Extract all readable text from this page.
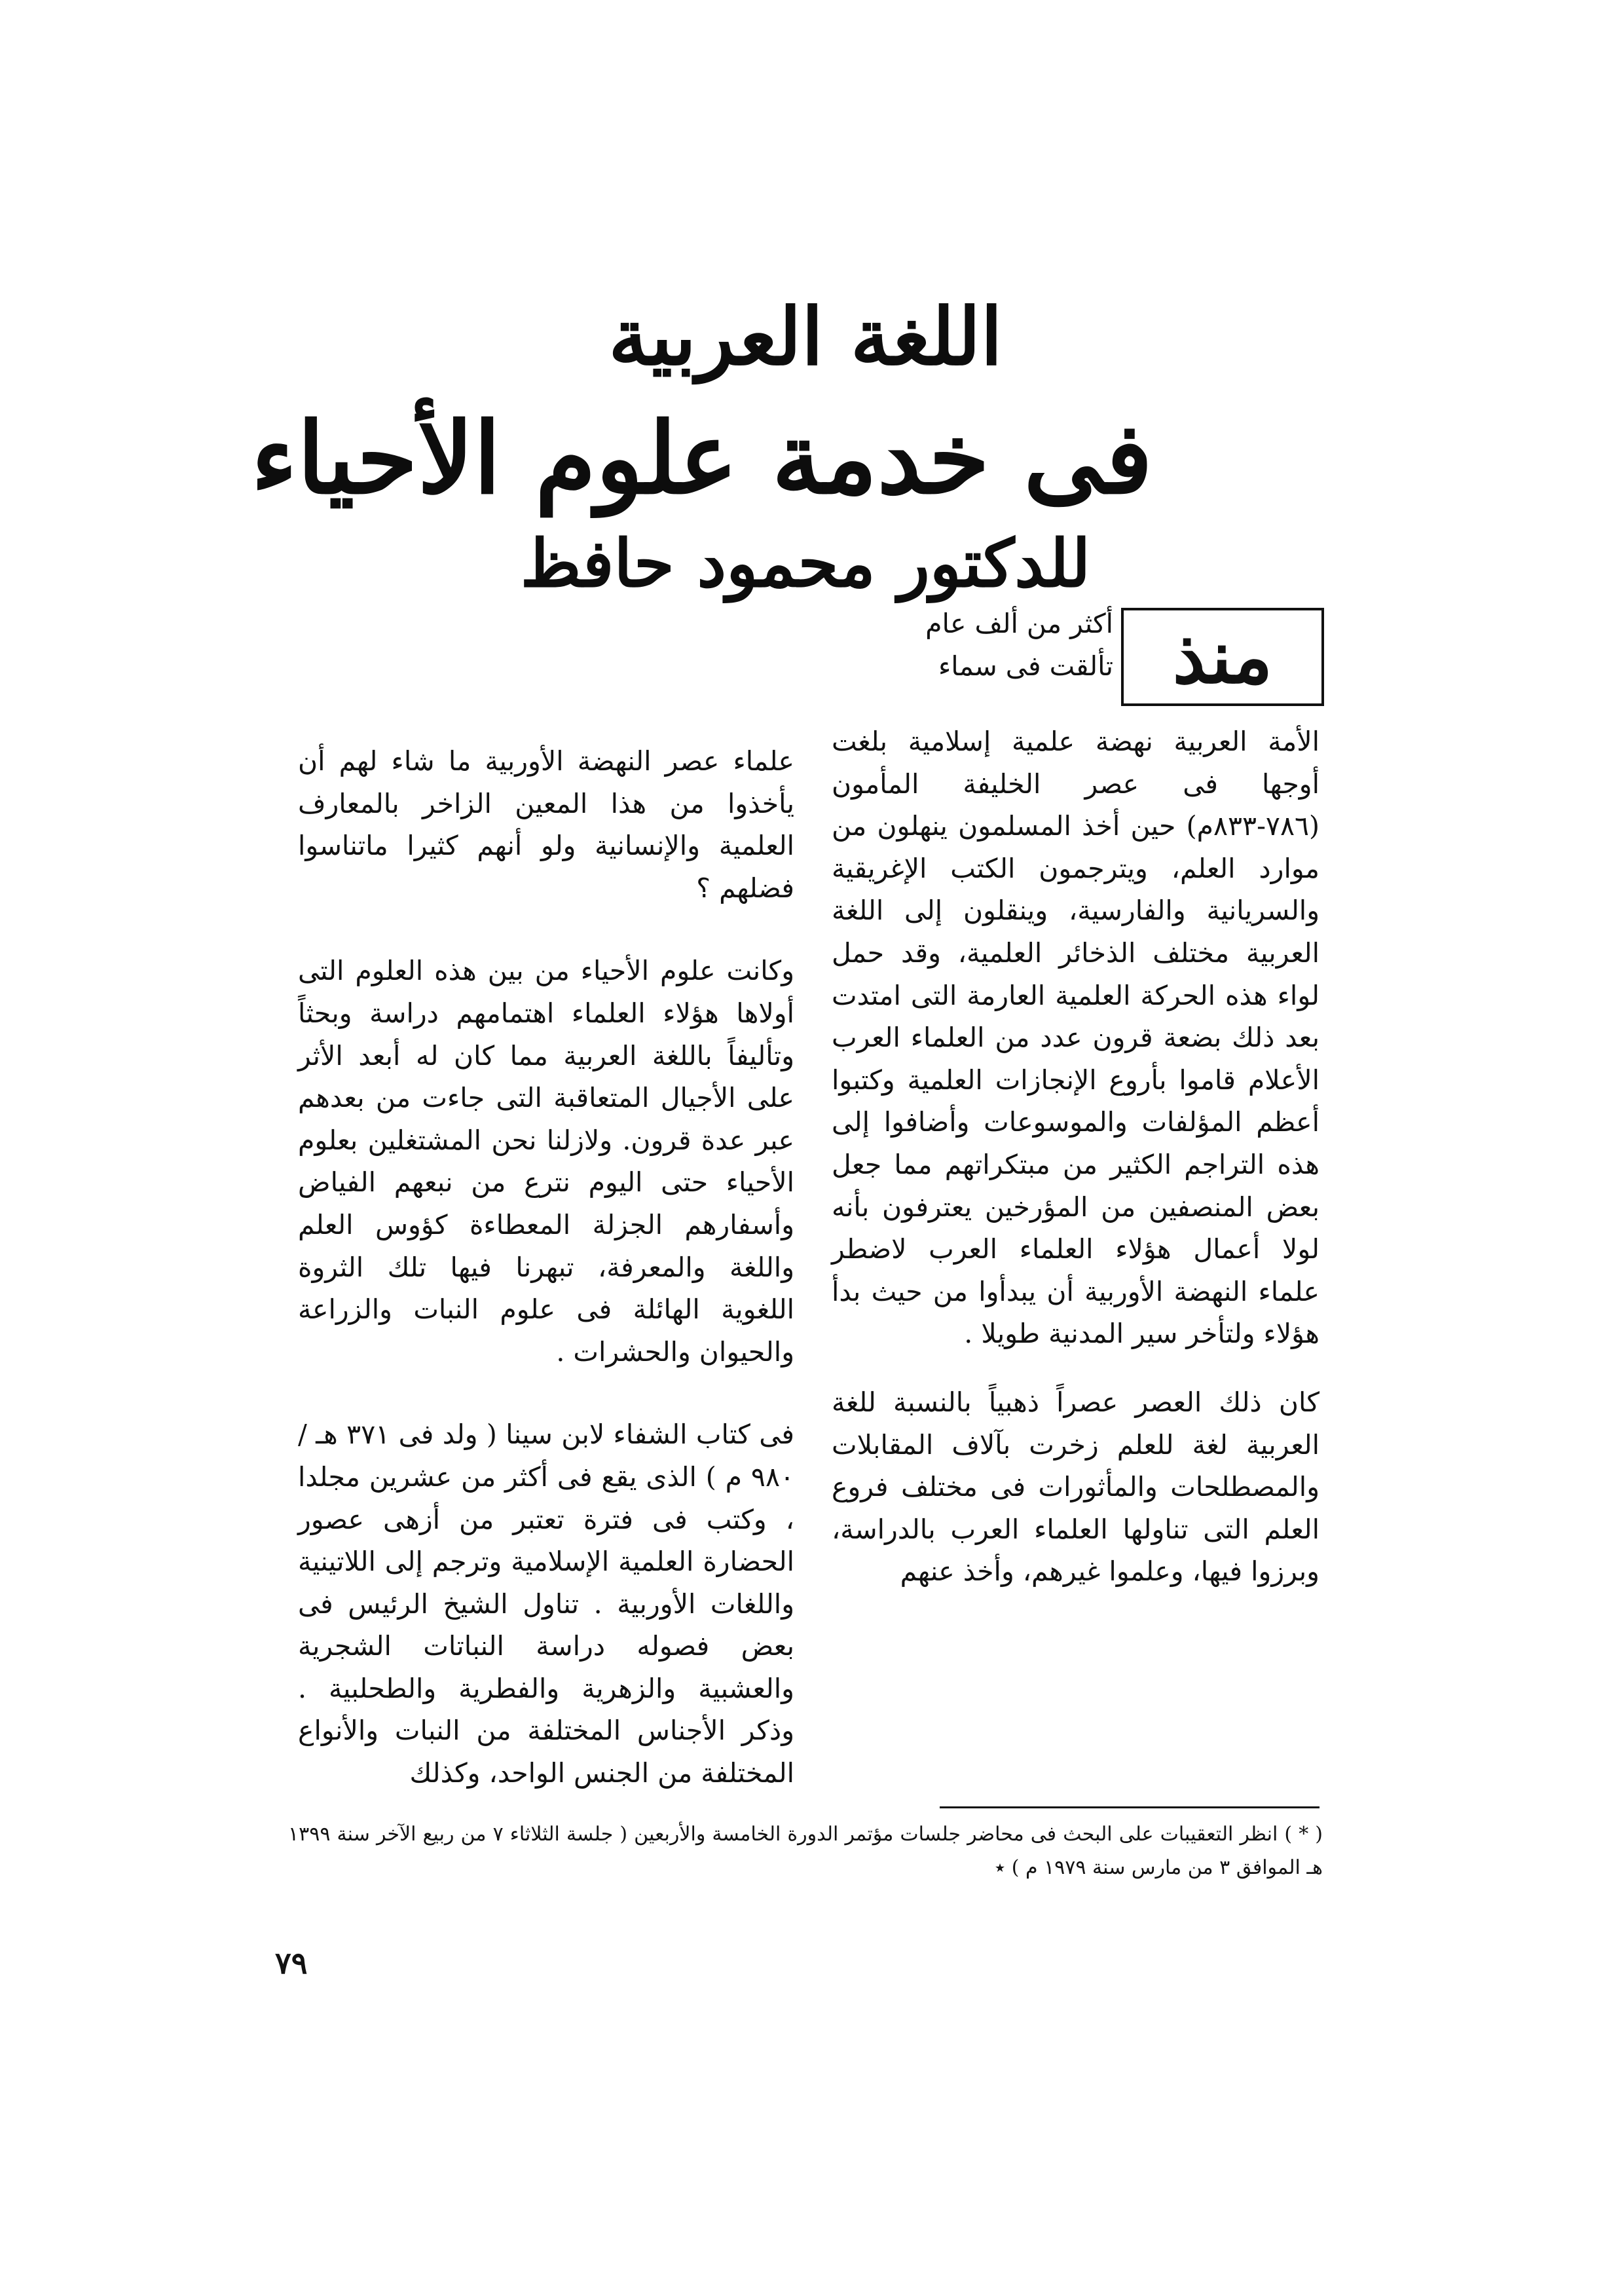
اللغة العربية
فى خدمة علوم الأحياء
للدكتور محمود حافظ
منذ

أكثر من ألف عام

تألقت فى سماء

الأمة العربية نهضة علمية إسلامية بلغت أوجها فى عصر الخليفة المأمون (٧٨٦-٨٣٣م) حين أخذ المسلمون ينهلون من موارد العلم، ويترجمون الكتب الإغريقية والسريانية والفارسية، وينقلون إلى اللغة العربية مختلف الذخائر العلمية، وقد حمل لواء هذه الحركة العلمية العارمة التى امتدت بعد ذلك بضعة قرون عدد من العلماء العرب الأعلام قاموا بأروع الإنجازات العلمية وكتبوا أعظم المؤلفات والموسوعات وأضافوا إلى هذه التراجم الكثير من مبتكراتهم مما جعل بعض المنصفين من المؤرخين يعترفون بأنه لولا أعمال هؤلاء العلماء العرب لاضطر علماء النهضة الأوربية أن يبدأوا من حيث بدأ هؤلاء ولتأخر سير المدنية طويلا .

كان ذلك العصر عصراً ذهبياً بالنسبة للغة العربية لغة للعلم زخرت بآلاف المقابلات والمصطلحات والمأثورات فى مختلف فروع العلم التى تناولها العلماء العرب بالدراسة، وبرزوا فيها، وعلموا غيرهم، وأخذ عنهم

علماء عصر النهضة الأوربية ما شاء لهم أن يأخذوا من هذا المعين الزاخر بالمعارف العلمية والإنسانية ولو أنهم كثيرا ماتناسوا فضلهم ؟

وكانت علوم الأحياء من بين هذه العلوم التى أولاها هؤلاء العلماء اهتمامهم دراسة وبحثاً وتأليفاً باللغة العربية مما كان له أبعد الأثر على الأجيال المتعاقبة التى جاءت من بعدهم عبر عدة قرون. ولازلنا نحن المشتغلين بعلوم الأحياء حتى اليوم نترع من نبعهم الفياض وأسفارهم الجزلة المعطاءة كؤوس العلم واللغة والمعرفة، تبهرنا فيها تلك الثروة اللغوية الهائلة فى علوم النبات والزراعة والحيوان والحشرات .

فى كتاب الشفاء لابن سينا ( ولد فى ٣٧١ هـ / ٩٨٠ م ) الذى يقع فى أكثر من عشرين مجلدا ، وكتب فى فترة تعتبر من أزهى عصور الحضارة العلمية الإسلامية وترجم إلى اللاتينية واللغات الأوربية . تناول الشيخ الرئيس فى بعض فصوله دراسة النباتات الشجرية والعشبية والزهرية والفطرية والطحلبية . وذكر الأجناس المختلفة من النبات والأنواع المختلفة من الجنس الواحد، وكذلك

( * ) انظر التعقيبات على البحث فى محاضر جلسات مؤتمر الدورة الخامسة والأربعين ( جلسة الثلاثاء ٧ من ربيع الآخر سنة ١٣٩٩ هـ الموافق ٣ من مارس سنة ١٩٧٩ م ) ٭

٧٩
